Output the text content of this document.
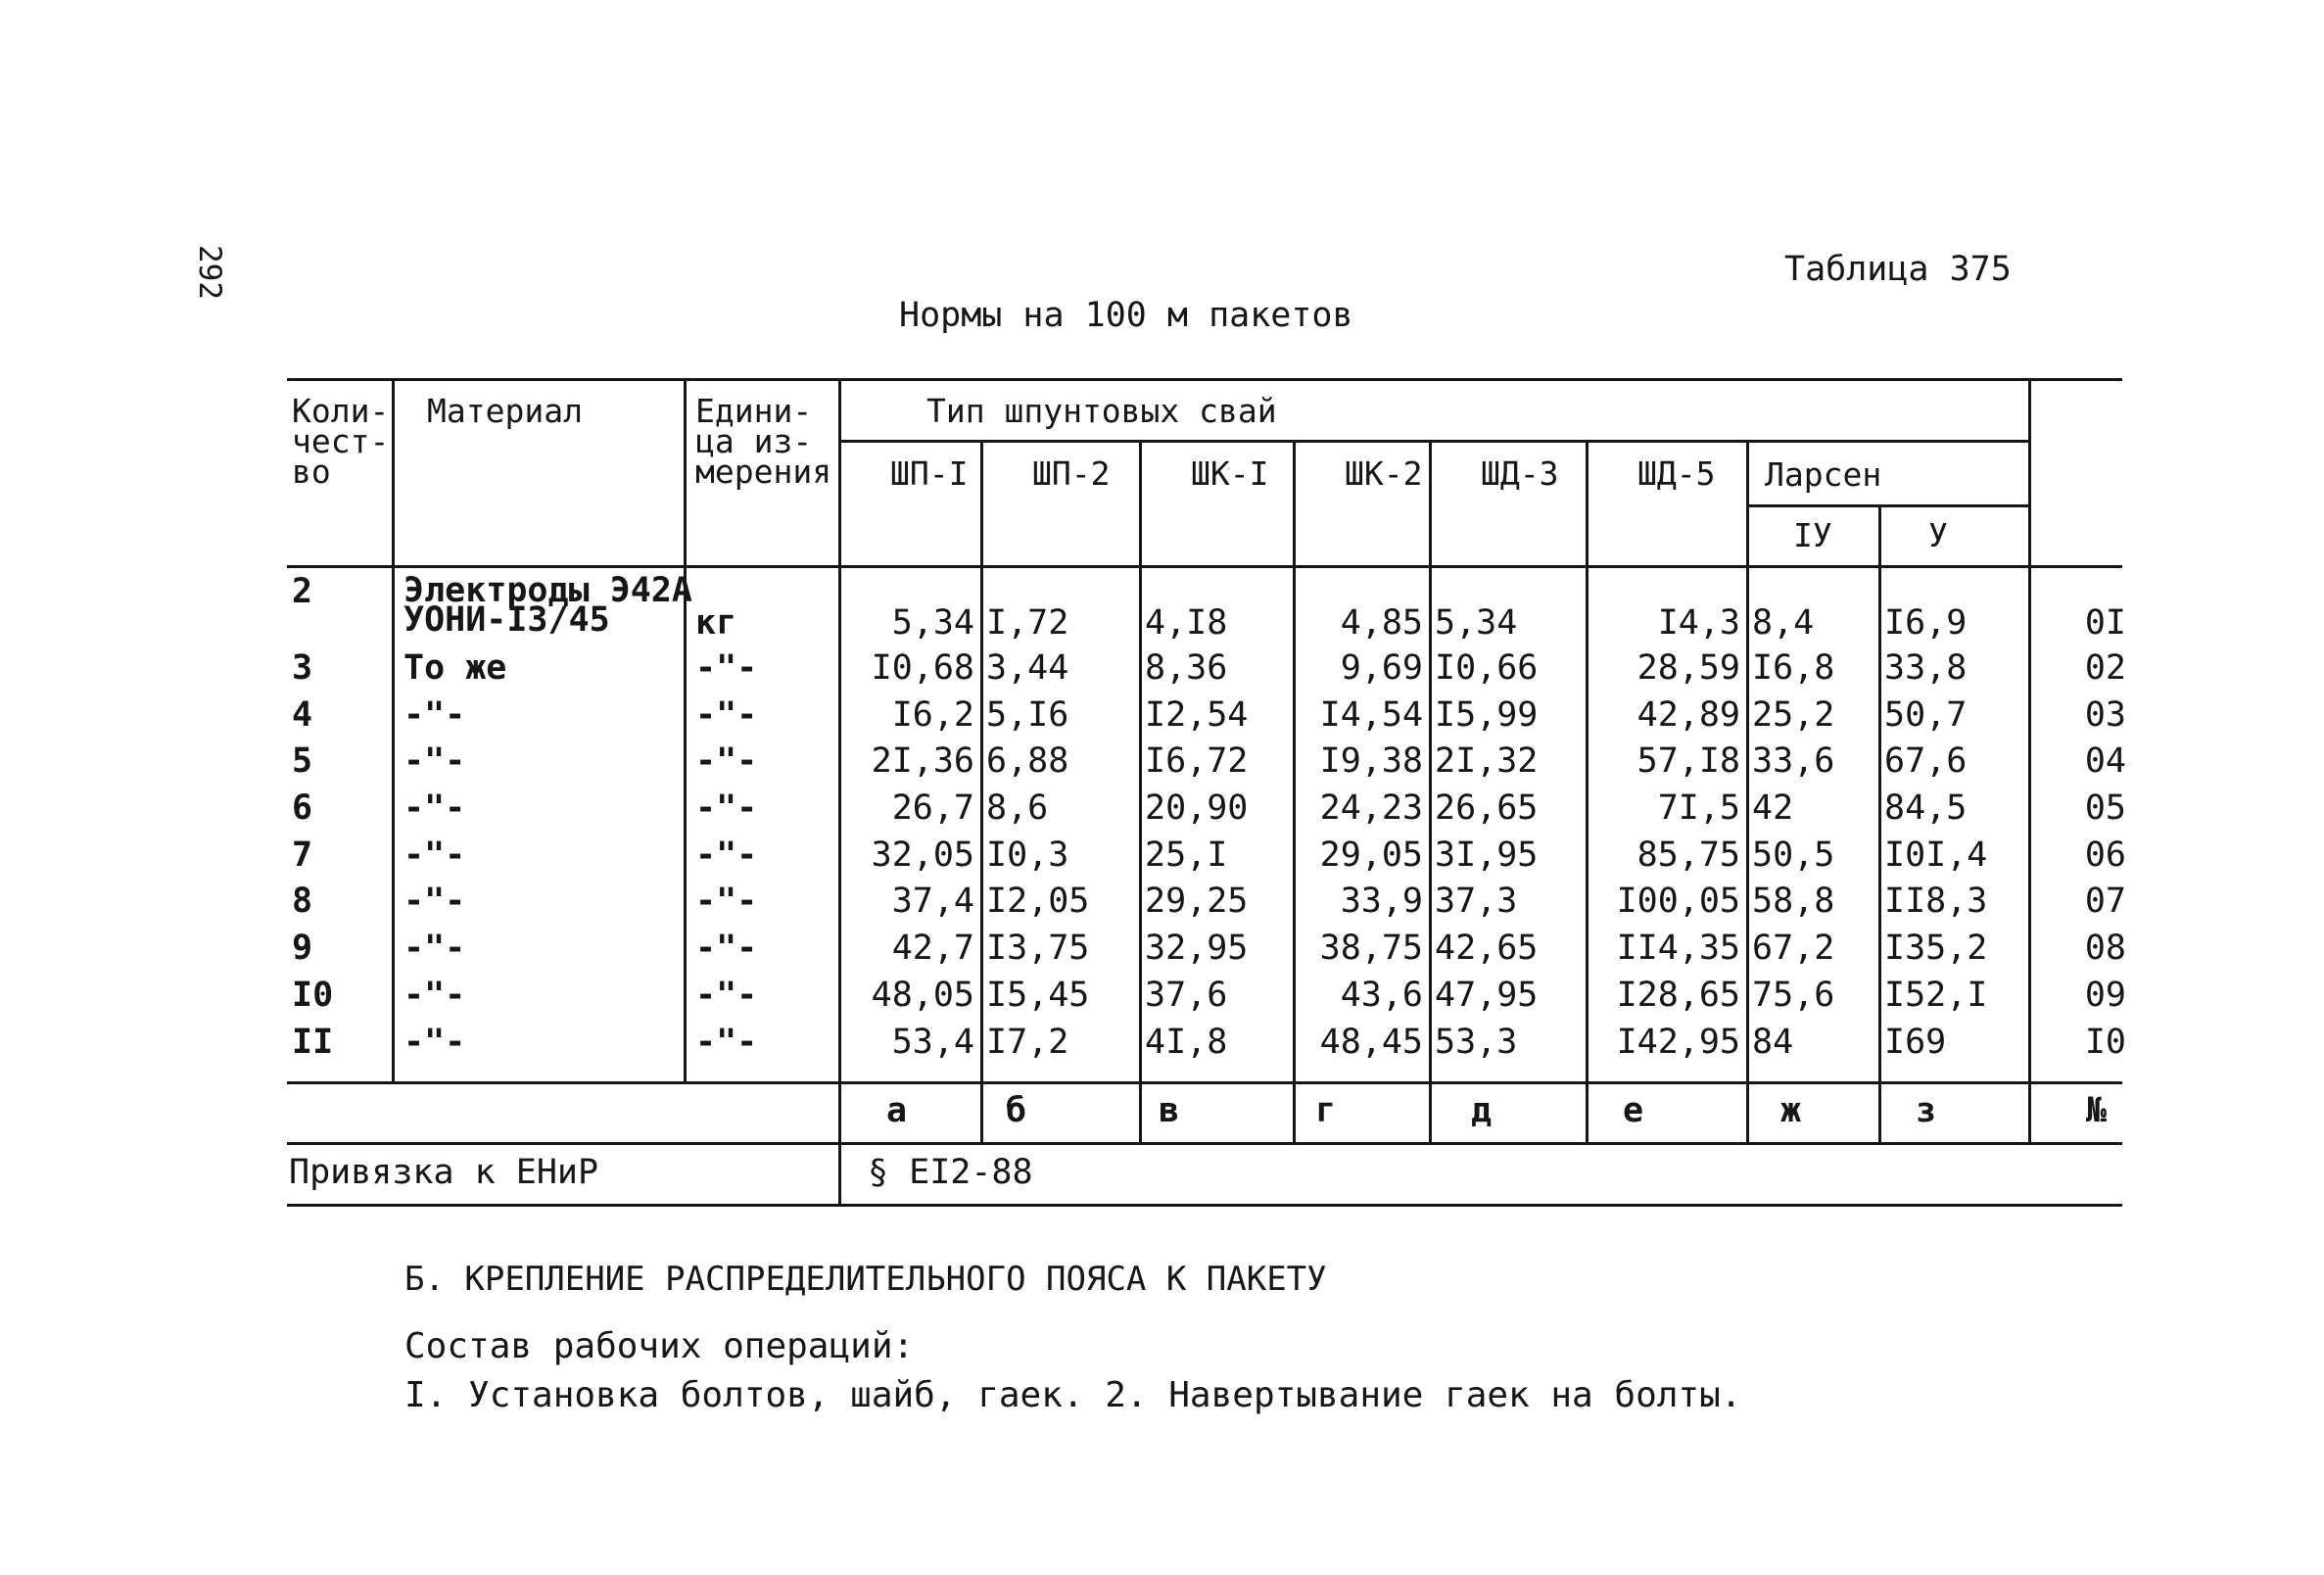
292	Таблица 375
Нормы на 100 м пакетов
Коли-
чест-
во
Материал	Едини-
ца из-
мерения
Тип шпунтовых свай
Ларсен
ШП-I ШП-2	ШК-I ШК-2 ШД-3 ШД-5
IУ	У
2	Электроды Э42А
УОНИ-I3/45 кг	5,34 I,72 4,I8	4,85 5,34	I4,3 8,4 I6,9	0I
3	То же	-"-	I0,68 3,44 8,36	9,69 I0,66	28,59 I6,8 33,8	02
4	-"-	-"-	I6,2 5,I6 I2,54 I4,54 I5,99	42,89 25,2 50,7	03
5	-"-	-"-	2I,36 6,88 I6,72 I9,38 2I,32	57,I8 33,6 67,6	04
6	-"-	-"-	26,7 8,6	20,90 24,23 26,65	7I,5 42	84,5	05
7	-"-	-"-	32,05 I0,3 25,I	29,05 3I,95	85,75 50,5 I0I,4	06
8	-"-	-"-	37,4 I2,05 29,25	33,9 37,3	I00,05 58,8 II8,3	07
9	-"-	-"-	42,7 I3,75 32,95 38,75 42,65 II4,35 67,2 I35,2	08
I0 -"-	-"-	48,05 I5,45 37,6	43,6 47,95 I28,65 75,6 I52,I	09
II -"-	-"-	53,4 I7,2 4I,8	48,45 53,3	I42,95 84	I69	I0
а	б	в	г	д	е	ж	з	№
Привязка к ЕНиР	§ ЕI2-88
Б. КРЕПЛЕНИЕ РАСПРЕДЕЛИТЕЛЬНОГО ПОЯСА К ПАКЕТУ
Состав рабочих операций:
I. Установка болтов, шайб, гаек. 2. Навертывание гаек на болты.
